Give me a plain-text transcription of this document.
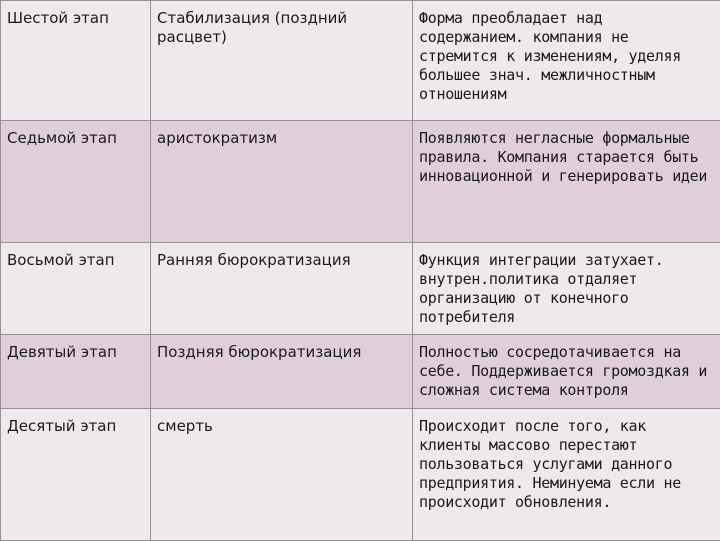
Шестой этап	Стабилизация (поздний расцвет)	Форма преобладает над содержанием. компания не стремится к изменениям, уделяя большее знач. межличностным отношениям
Седьмой этап	аристократизм	Появляются негласные формальные правила. Компания старается быть инновационной и генерировать идеи
Восьмой этап	Ранняя бюрократизация	Функция интеграции затухает. внутрен.политика отдаляет организацию от конечного потребителя
Девятый этап	Поздняя бюрократизация	Полностью сосредотачивается на себе. Поддерживается громоздкая и сложная система контроля
Десятый этап	смерть	Происходит после того, как клиенты массово перестают пользоваться услугами данного предприятия. Неминуема если не происходит обновления.
